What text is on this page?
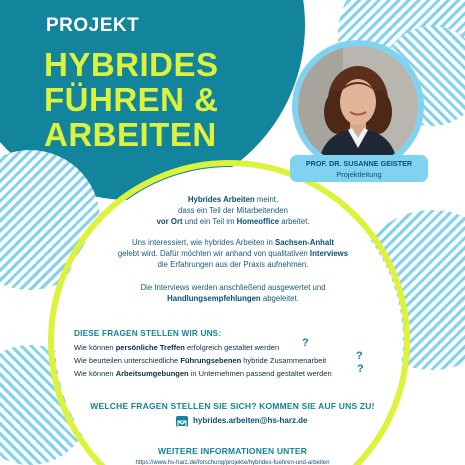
PROJEKT
HYBRIDES
FÜHREN &
ARBEITEN
PROF. DR. SUSANNE GEISTER
Projektleitung
Hybrides Arbeiten meint,
dass ein Teil der Mitarbeitenden
vor Ort und ein Teil im Homeoffice arbeitet.
Uns interessiert, wie hybrides Arbeiten in Sachsen-Anhalt
gelebt wird. Dafür möchten wir anhand von qualitativen Interviews
die Erfahrungen aus der Praxis aufnehmen.
Die Interviews werden anschließend ausgewertet und
Handlungsempfehlungen abgeleitet.
DIESE FRAGEN STELLEN WIR UNS:
Wie können persönliche Treffen erfolgreich gestaltet werden ?
Wie beurteilen unterschiedliche Führungsebenen hybride Zusammenarbeit	?
Wie können Arbeitsumgebungen in Unternehmen passend gestaltet werden ?
WELCHE FRAGEN STELLEN SIE SICH? KOMMEN SIE AUF UNS ZU!
hybrides.arbeiten@hs-harz.de
WEITERE INFORMATIONEN UNTER
https://www.hs-harz.de/forschung/projekte/hybrides-fuehren-und-arbeiten
